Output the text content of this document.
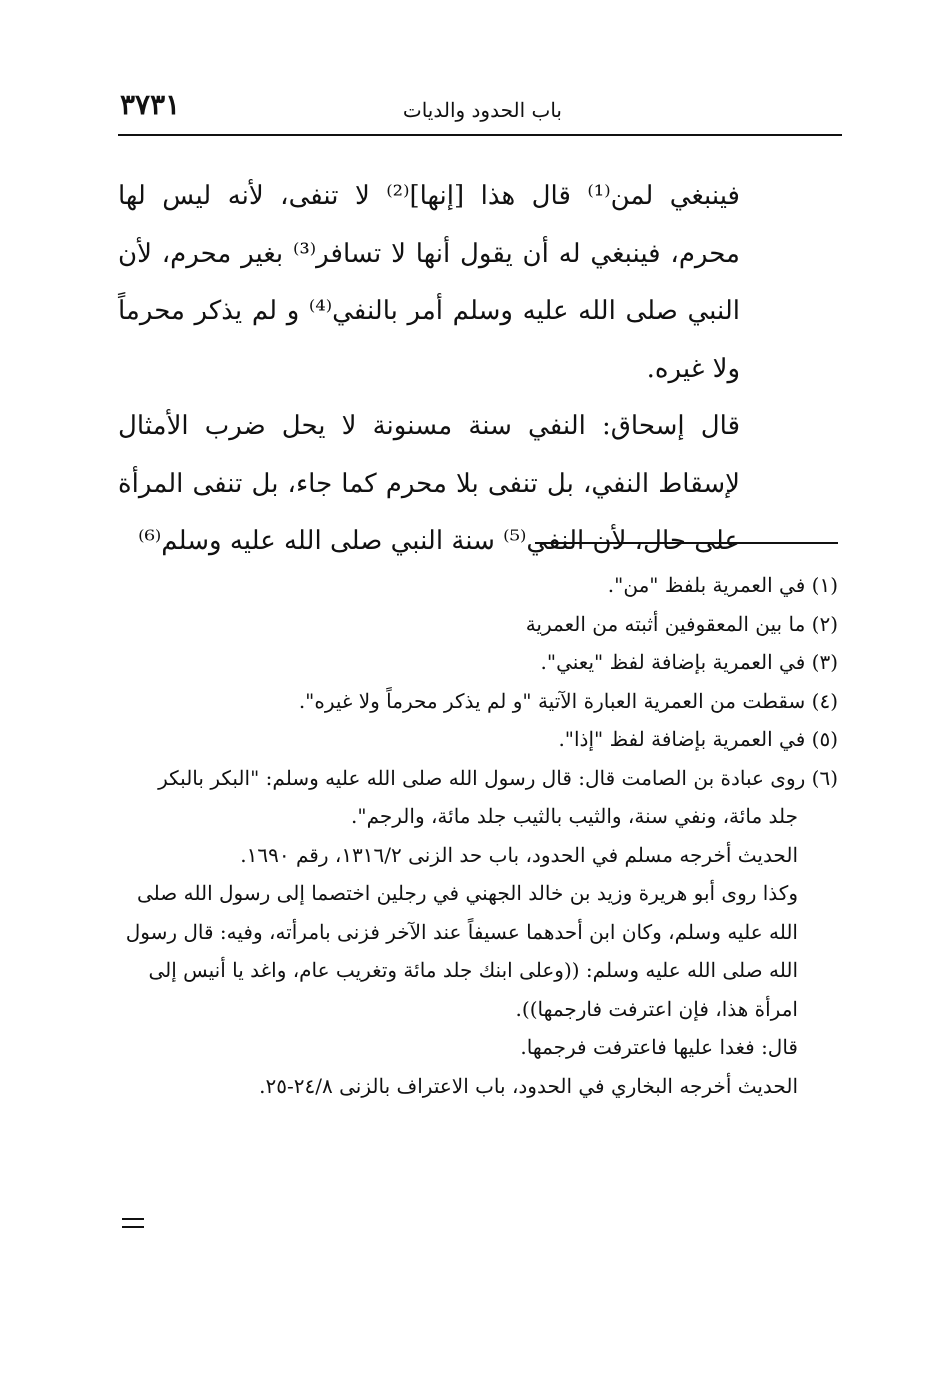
باب الحدود والديات
٣٧٣١

فينبغي لمن⁽¹⁾ قال هذا [إنها]⁽²⁾ لا تنفى، لأنه ليس لها محرم، فينبغي له أن يقول أنها لا تسافر⁽³⁾ بغير محرم، لأن النبي صلى الله عليه وسلم أمر بالنفي⁽⁴⁾ و لم يذكر محرماً ولا غيره.

قال إسحاق: النفي سنة مسنونة لا يحل ضرب الأمثال لإسقاط النفي، بل تنفى بلا محرم كما جاء، بل تنفى المرأة على حال، لأن النفي⁽⁵⁾ سنة النبي صلى الله عليه وسلم⁽⁶⁾

(١) في العمرية بلفظ "من".

(٢) ما بين المعقوفين أثبته من العمرية

(٣) في العمرية بإضافة لفظ "يعني".

(٤) سقطت من العمرية العبارة الآتية "و لم يذكر محرماً ولا غيره".

(٥) في العمرية بإضافة لفظ "إذا".

(٦) روى عبادة بن الصامت قال: قال رسول الله صلى الله عليه وسلم: "البكر بالبكر

جلد مائة، ونفي سنة، والثيب بالثيب جلد مائة، والرجم".

الحديث أخرجه مسلم في الحدود، باب حد الزنى ١٣١٦/٢، رقم ١٦٩٠.

وكذا روى أبو هريرة وزيد بن خالد الجهني في رجلين اختصما إلى رسول الله صلى الله عليه وسلم، وكان ابن أحدهما عسيفاً عند الآخر فزنى بامرأته، وفيه: قال رسول الله صلى الله عليه وسلم: ((وعلى ابنك جلد مائة وتغريب عام، واغد يا أنيس إلى امرأة هذا، فإن اعترفت فارجمها)).

قال: فغدا عليها فاعترفت فرجمها.

الحديث أخرجه البخاري في الحدود، باب الاعتراف بالزنى ٢٤/٨-٢٥.
